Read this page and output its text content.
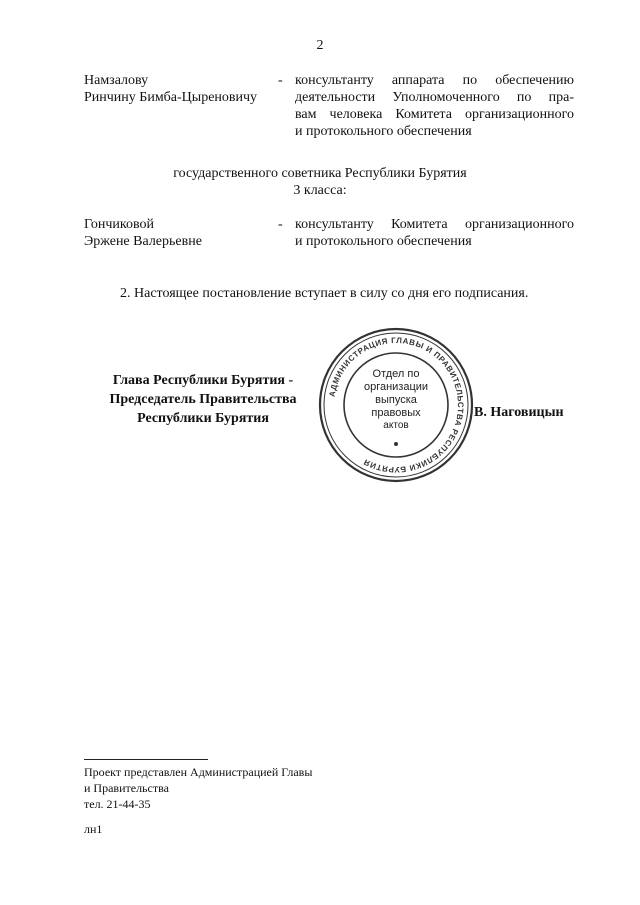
2
Намзалову
Ринчину Бимба-Цыреновичу
- консультанту аппарата по обеспечению
деятельности Уполномоченного по пра-
вам человека Комитета организационного
и протокольного обеспечения
государственного советника Республики Бурятия
3 класса:
Гончиковой
Эржене Валерьевне
- консультанту Комитета организационного
и протокольного обеспечения
2. Настоящее постановление вступает в силу со дня его подписания.
Глава Республики Бурятия -
Председатель Правительства
Республики Бурятия
АДМИНИСТРАЦИЯ ГЛАВЫ И ПРАВИТЕЛЬСТВА РЕСПУБЛИКИ БУРЯТИЯ
Отдел по
организации
выпуска
правовых
актов
В. Наговицын
Проект представлен Администрацией Главы
и Правительства
тел. 21-44-35
лн1
